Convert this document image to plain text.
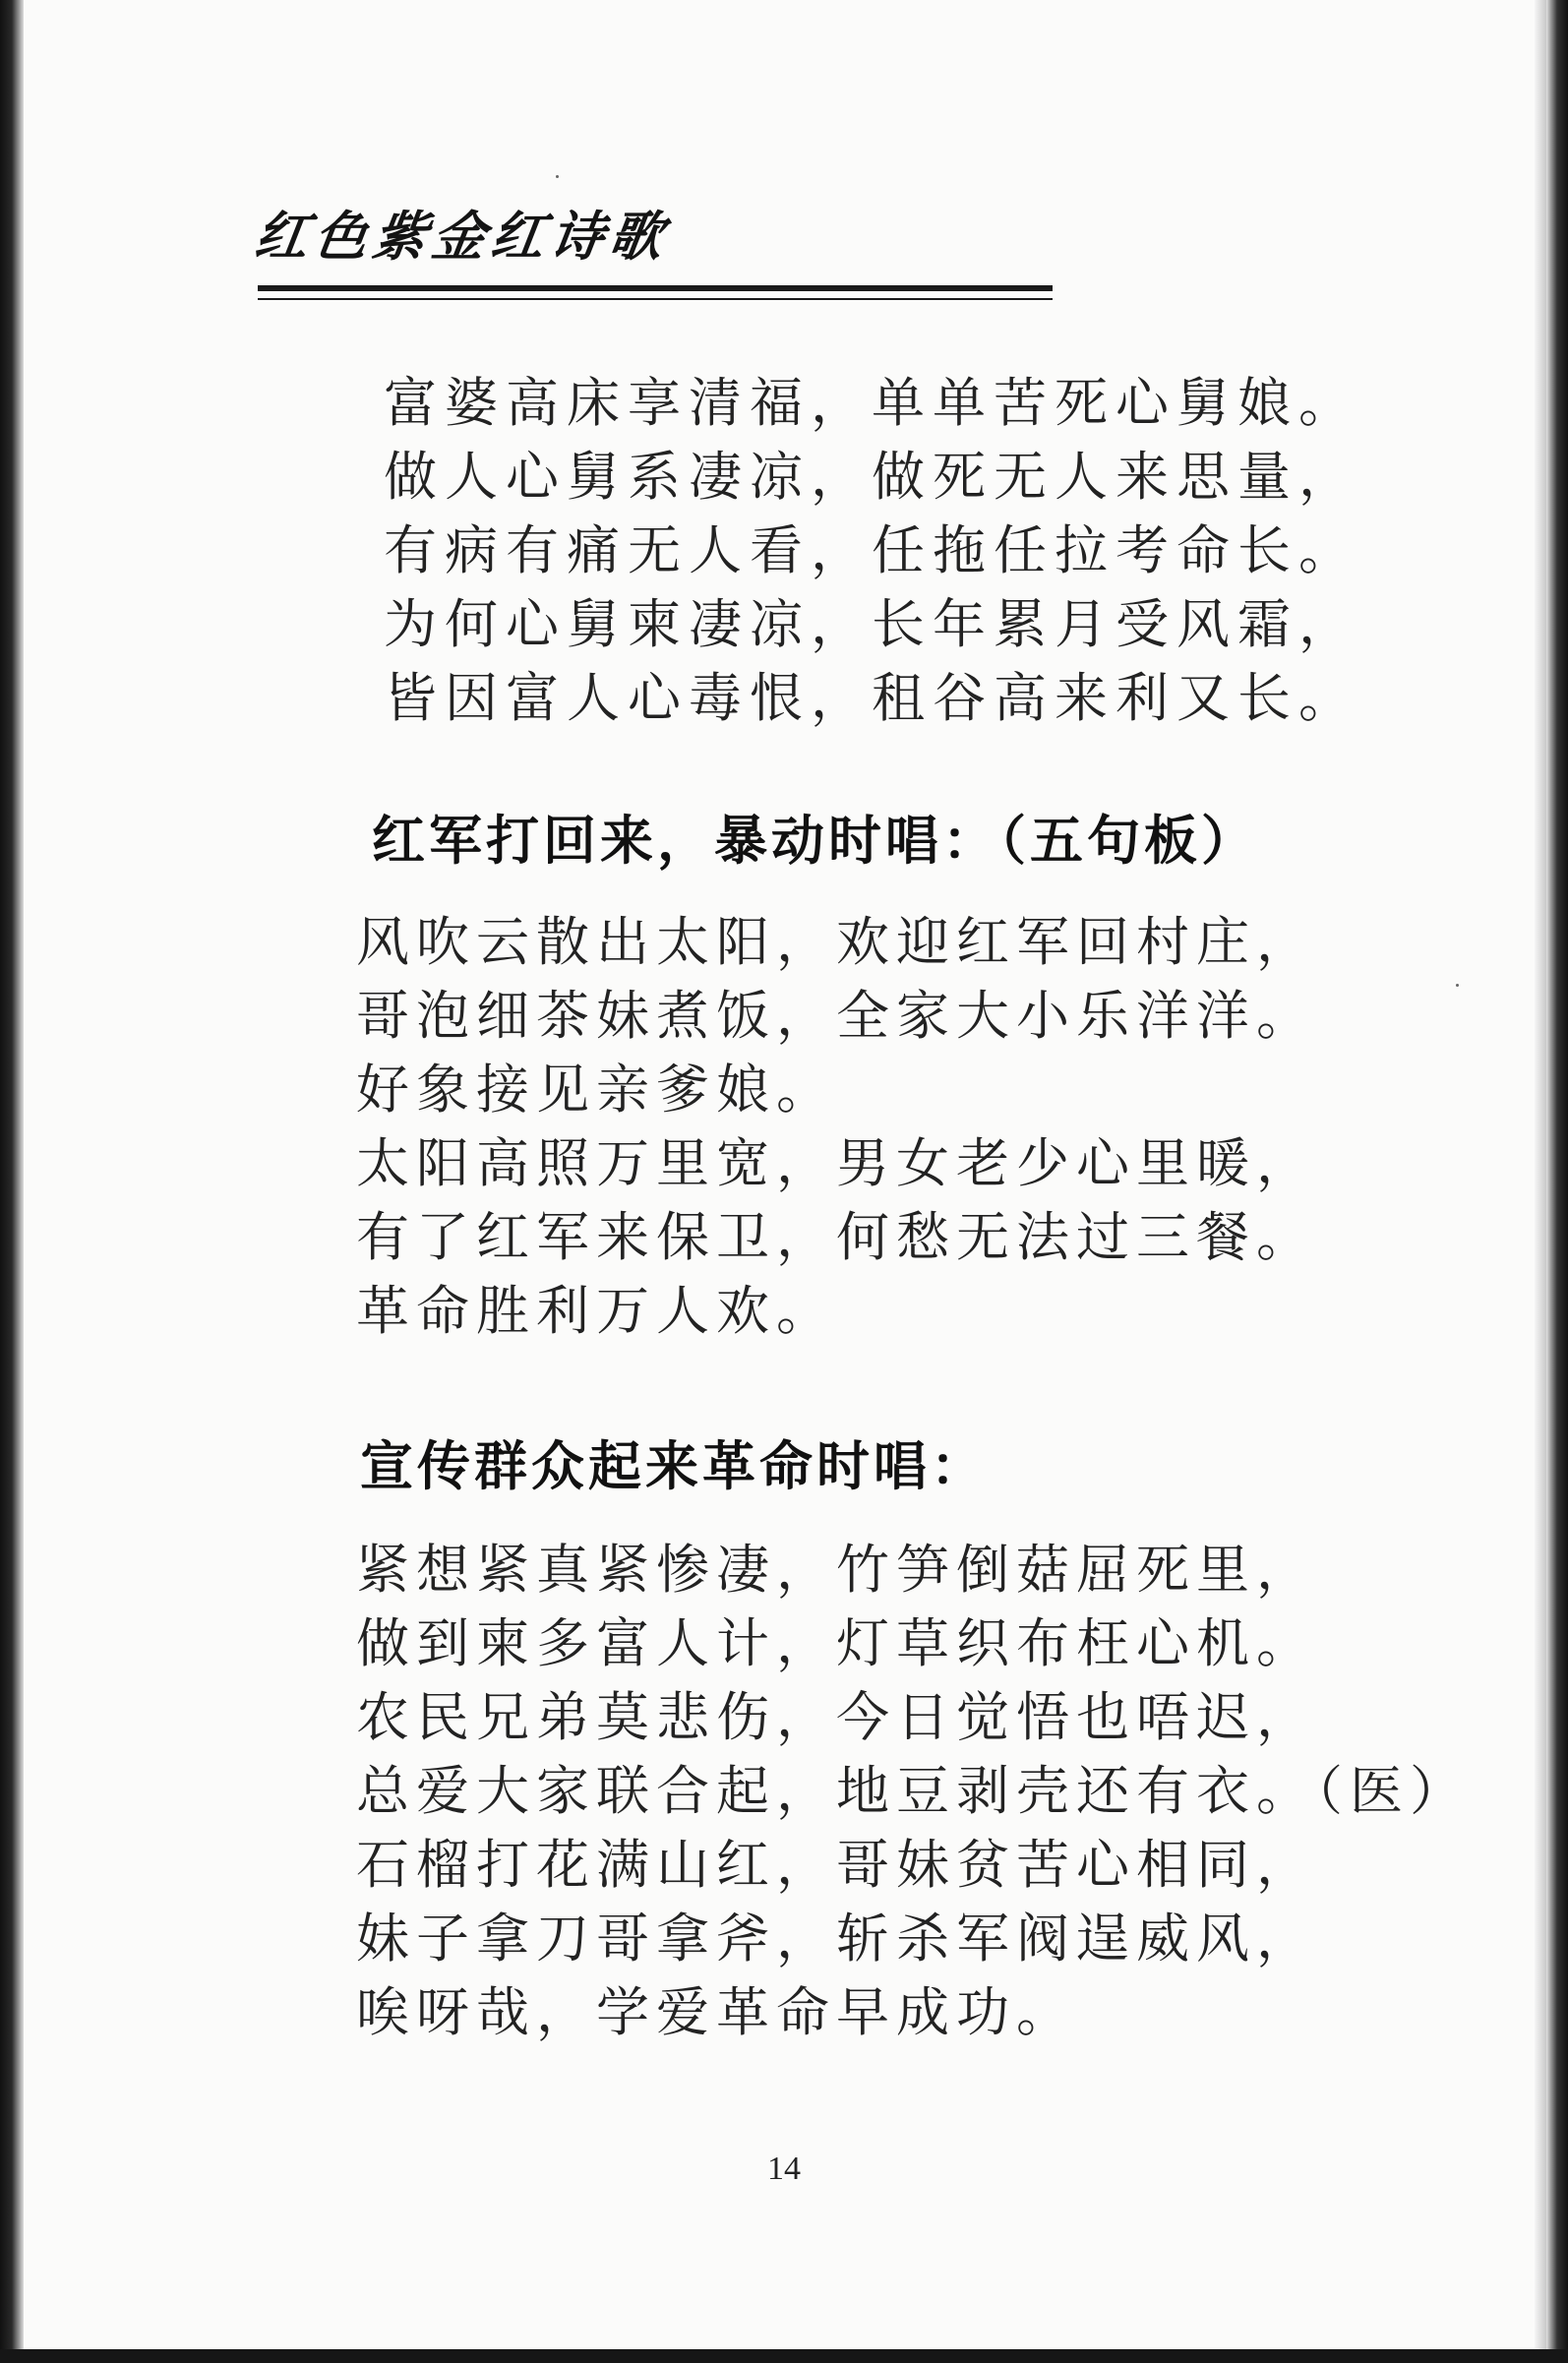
红色紫金红诗歌
富婆高床享清福，单单苦死心舅娘。
做人心舅系凄凉，做死无人来思量，
有病有痛无人看，任拖任拉考命长。
为何心舅柬凄凉，长年累月受风霜，
皆因富人心毒恨，租谷高来利又长。
红军打回来，暴动时唱：（五句板）
风吹云散出太阳，欢迎红军回村庄，
哥泡细茶妹煮饭，全家大小乐洋洋。
好象接见亲爹娘。
太阳高照万里宽，男女老少心里暖，
有了红军来保卫，何愁无法过三餐。
革命胜利万人欢。
宣传群众起来革命时唱：
紧想紧真紧惨凄，竹笋倒菇屈死里，
做到柬多富人计，灯草织布枉心机。
农民兄弟莫悲伤，今日觉悟也唔迟，
总爱大家联合起，地豆剥壳还有衣。（医）
石榴打花满山红，哥妹贫苦心相同，
妹子拿刀哥拿斧，斩杀军阀逞威风，
唉呀哉，学爱革命早成功。
14
